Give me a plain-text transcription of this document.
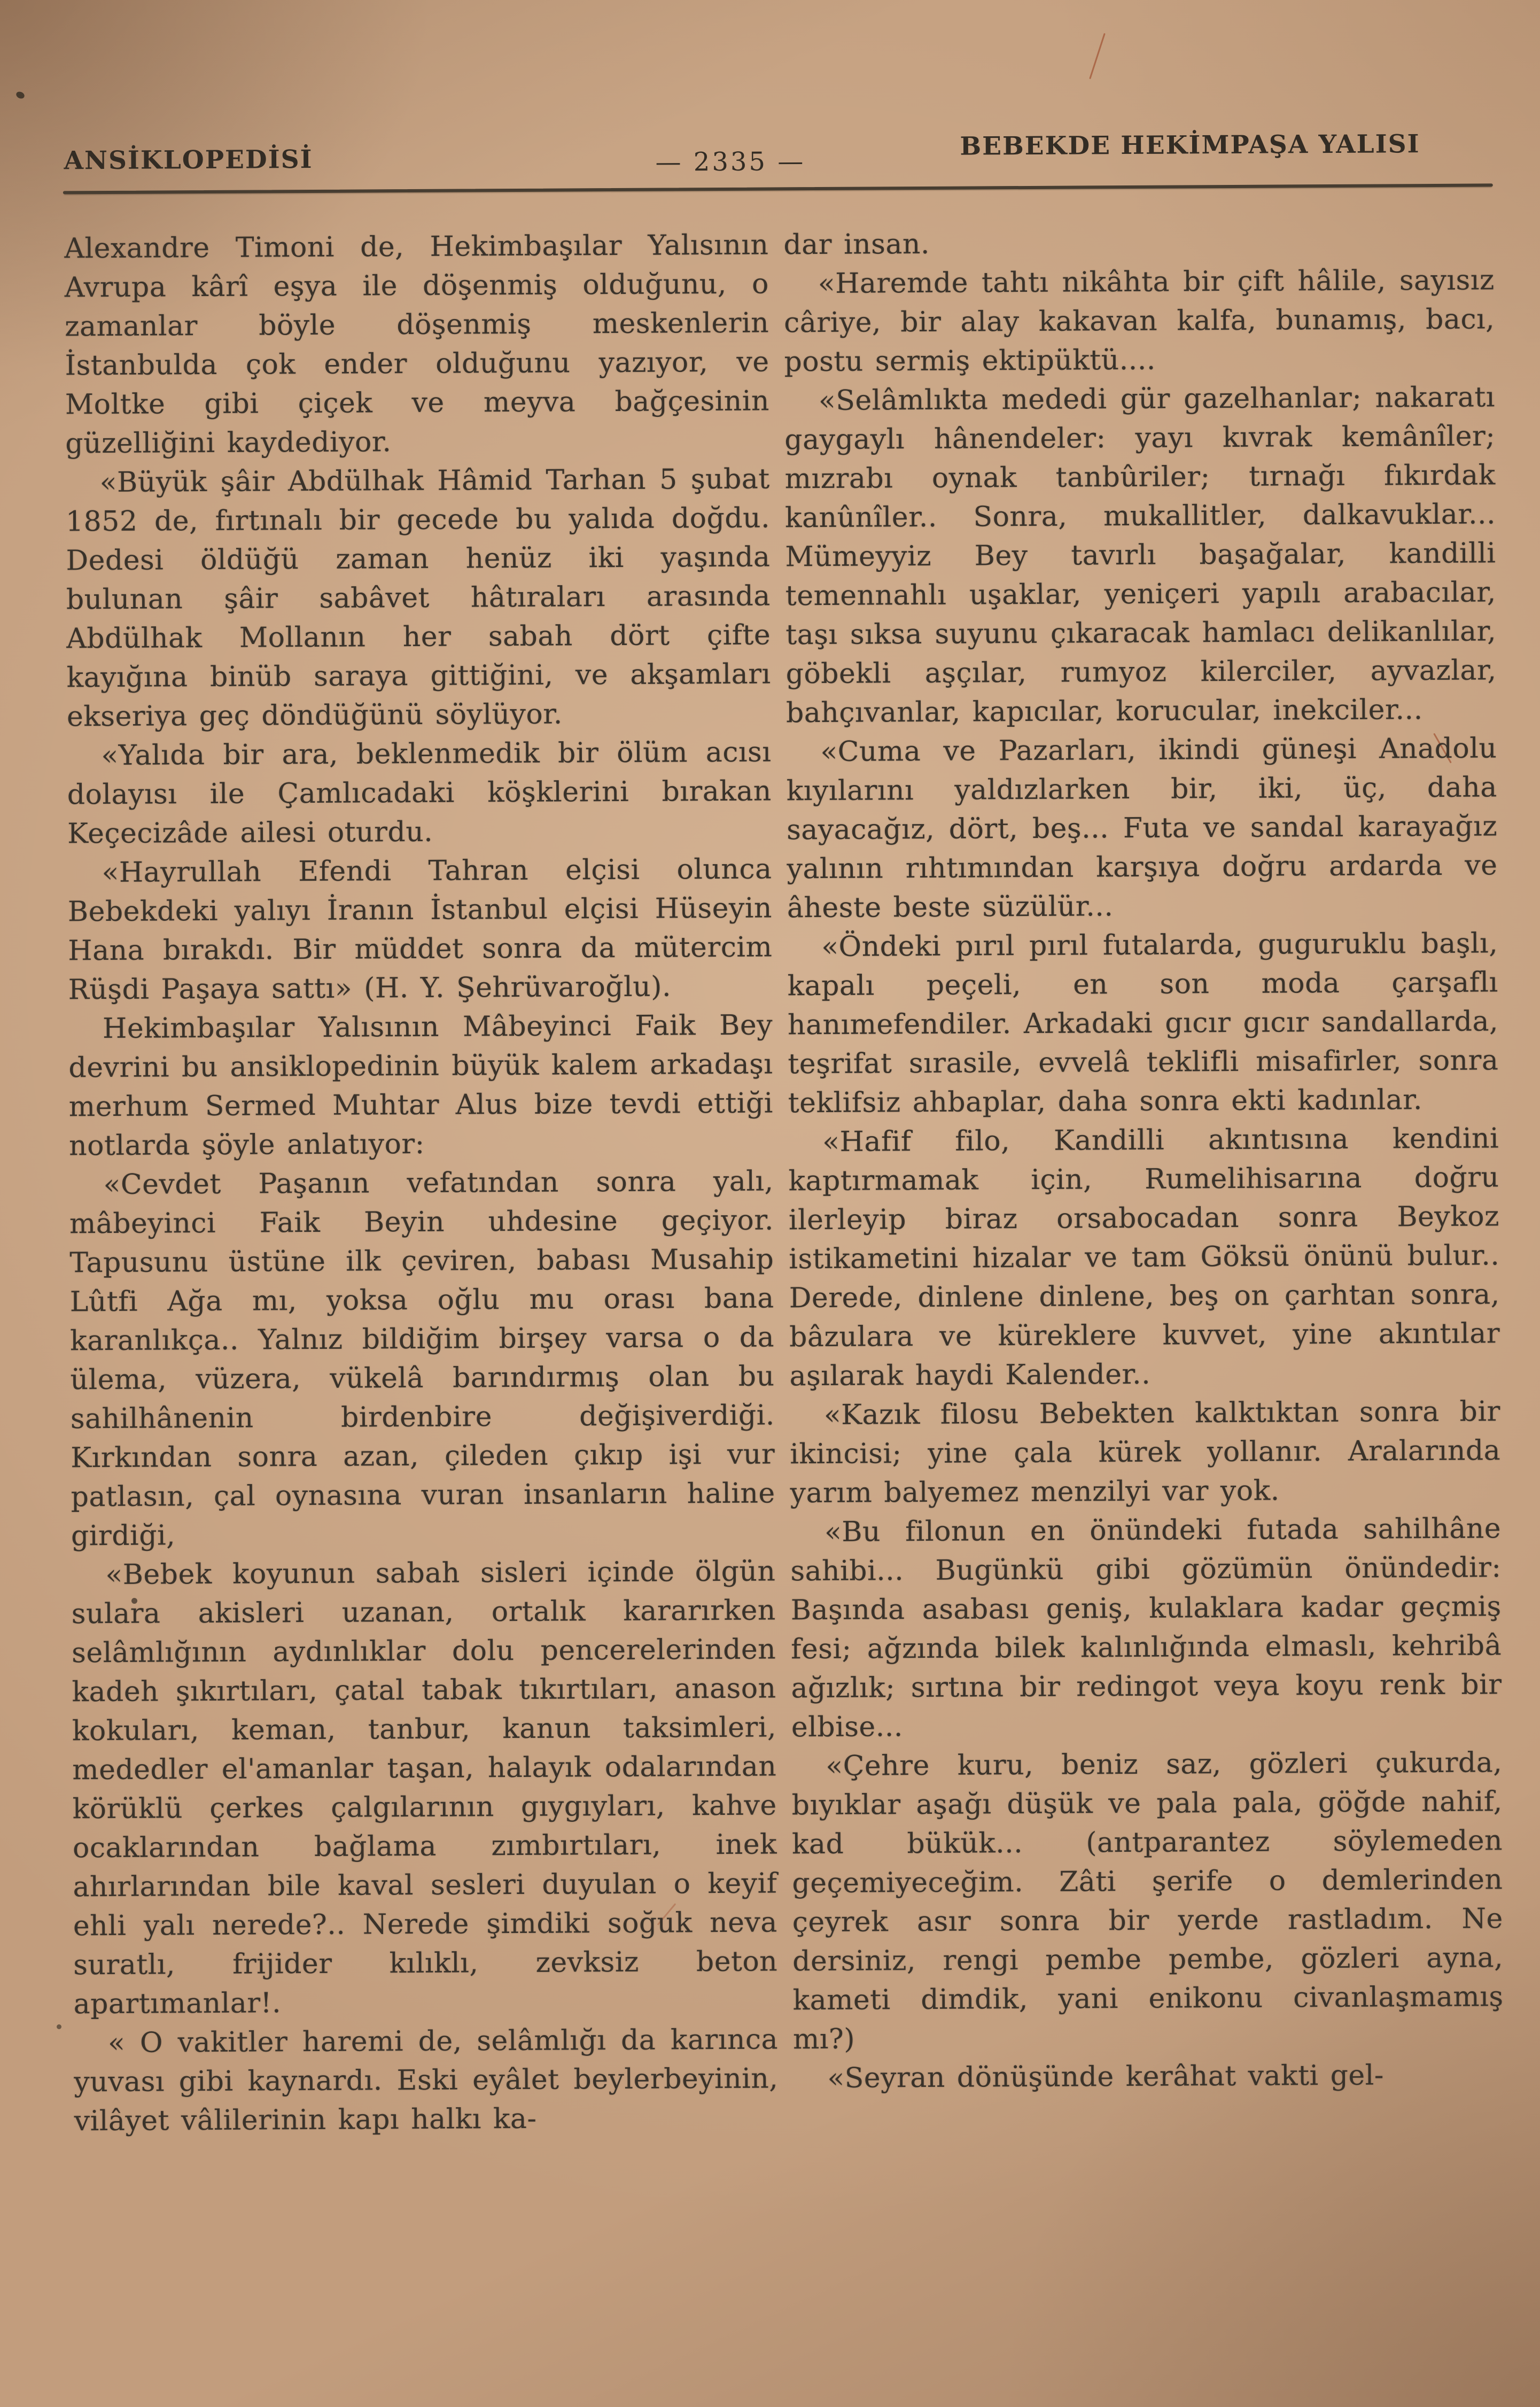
ANSİKLOPEDİSİ	— 2335 —
BEBEKDE HEKİMPAŞA YALISI

Alexandre Timoni de, Hekimbaşılar Yalısının Avrupa kârî eşya ile döşenmiş olduğunu, o zamanlar böyle döşenmiş meskenlerin İstanbulda çok ender olduğunu yazıyor, ve Moltke gibi çiçek ve meyva bağçesinin güzelliğini kaydediyor.

«Büyük şâir Abdülhak Hâmid Tarhan 5 şubat 1852 de, fırtınalı bir gecede bu yalıda doğdu. Dedesi öldüğü zaman henüz iki yaşında bulunan şâir sabâvet hâtıraları arasında Abdülhak Mollanın her sabah dört çifte kayığına binüb saraya gittiğini, ve akşamları ekseriya geç döndüğünü söylüyor.

«Yalıda bir ara, beklenmedik bir ölüm acısı dolayısı ile Çamlıcadaki köşklerini bırakan Keçecizâde ailesi oturdu.

«Hayrullah Efendi Tahran elçisi olunca Bebekdeki yalıyı İranın İstanbul elçisi Hüseyin Hana bırakdı. Bir müddet sonra da mütercim Rüşdi Paşaya sattı» (H. Y. Şehrüvaroğlu).

Hekimbaşılar Yalısının Mâbeyinci Faik Bey devrini bu ansiklopedinin büyük kalem arkadaşı merhum Sermed Muhtar Alus bize tevdi ettiği notlarda şöyle anlatıyor:

«Cevdet Paşanın vefatından sonra yalı, mâbeyinci Faik Beyin uhdesine geçiyor. Tapusunu üstüne ilk çeviren, babası Musahip Lûtfi Ağa mı, yoksa oğlu mu orası bana karanlıkça.. Yalnız bildiğim birşey varsa o da ülema, vüzera, vükelâ barındırmış olan bu sahilhânenin birdenbire değişiverdiği. Kırkından sonra azan, çileden çıkıp işi vur patlasın, çal oynasına vuran insanların haline girdiği,

«Bebek koyunun sabah sisleri içinde ölgün sulara akisleri uzanan, ortalık kararırken selâmlığının aydınlıklar dolu pencerelerinden kadeh şıkırtıları, çatal tabak tıkırtıları, anason kokuları, keman, tanbur, kanun taksimleri, mededler el'amanlar taşan, halayık odalarından körüklü çerkes çalgılarının gıygıyları, kahve ocaklarından bağlama zımbırtıları, inek ahırlarından bile kaval sesleri duyulan o keyif ehli yalı nerede?.. Nerede şimdiki soğuk neva suratlı, frijider kılıklı, zevksiz beton apartımanlar!.

« O vakitler haremi de, selâmlığı da karınca yuvası gibi kaynardı. Eski eyâlet beylerbeyinin, vilâyet vâlilerinin kapı halkı ka-

dar insan.

«Haremde tahtı nikâhta bir çift hâlile, sayısız câriye, bir alay kakavan kalfa, bunamış, bacı, postu sermiş ektipüktü....

«Selâmlıkta mededi gür gazelhanlar; nakaratı gaygaylı hânendeler: yayı kıvrak kemânîler; mızrabı oynak tanbûriler; tırnağı fıkırdak kanûnîler.. Sonra, mukallitler, dalkavuklar... Mümeyyiz Bey tavırlı başağalar, kandilli temennahlı uşaklar, yeniçeri yapılı arabacılar, taşı sıksa suyunu çıkaracak hamlacı delikanlılar, göbekli aşçılar, rumyoz kilerciler, ayvazlar, bahçıvanlar, kapıcılar, korucular, inekciler...

«Cuma ve Pazarları, ikindi güneşi Anadolu kıyılarını yaldızlarken bir, iki, üç, daha sayacağız, dört, beş... Futa ve sandal karayağız yalının rıhtımından karşıya doğru ardarda ve âheste beste süzülür...

«Öndeki pırıl pırıl futalarda, guguruklu başlı, kapalı peçeli, en son moda çarşaflı hanımefendiler. Arkadaki gıcır gıcır sandallarda, teşrifat sırasile, evvelâ teklifli misafirler, sonra teklifsiz ahbaplar, daha sonra ekti kadınlar.

«Hafif filo, Kandilli akıntısına kendini kaptırmamak için, Rumelihisarına doğru ilerleyip biraz orsabocadan sonra Beykoz istikametini hizalar ve tam Göksü önünü bulur.. Derede, dinlene dinlene, beş on çarhtan sonra, bâzulara ve küreklere kuvvet, yine akıntılar aşılarak haydi Kalender..

«Kazık filosu Bebekten kalktıktan sonra bir ikincisi; yine çala kürek yollanır. Aralarında yarım balyemez menzilyi var yok.

«Bu filonun en önündeki futada sahilhâne sahibi... Bugünkü gibi gözümün önündedir: Başında asabası geniş, kulaklara kadar geçmiş fesi; ağzında bilek kalınlığında elmaslı, kehribâ ağızlık; sırtına bir redingot veya koyu renk bir elbise...

«Çehre kuru, beniz saz, gözleri çukurda, bıyıklar aşağı düşük ve pala pala, göğde nahif, kad bükük... (antparantez söylemeden geçemiyeceğim. Zâti şerife o demlerinden çeyrek asır sonra bir yerde rastladım. Ne dersiniz, rengi pembe pembe, gözleri ayna, kameti dimdik, yani enikonu civanlaşmamış mı?)

«Seyran dönüşünde kerâhat vakti gel-
